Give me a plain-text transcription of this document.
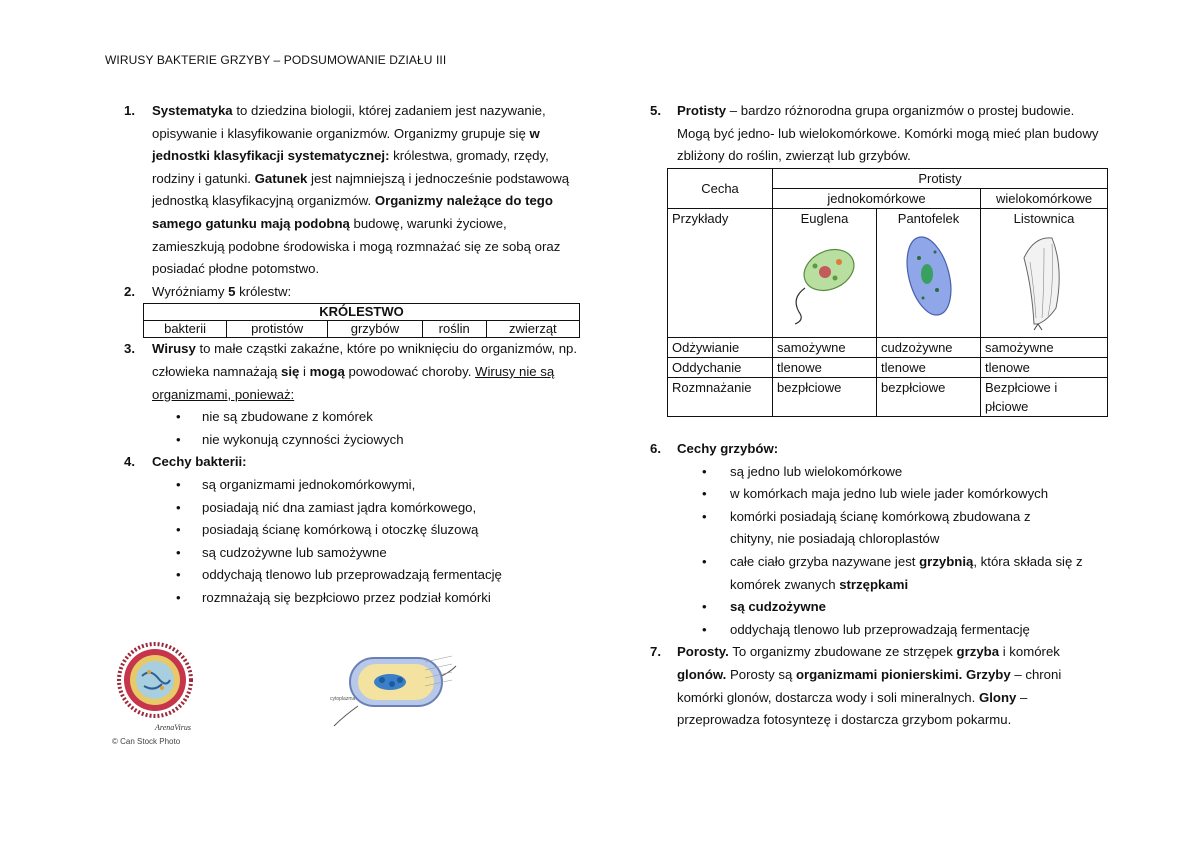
WIRUSY BAKTERIE GRZYBY – PODSUMOWANIE DZIAŁU III
1. Systematyka to dziedzina biologii, której zadaniem jest nazywanie, opisywanie i klasyfikowanie organizmów. Organizmy grupuje się w jednostki klasyfikacji systematycznej: królestwa, gromady, rzędy, rodziny i gatunki. Gatunek jest najmniejszą i jednocześnie podstawową jednostką klasyfikacyjną organizmów. Organizmy należące do tego samego gatunku mają podobną budowę, warunki życiowe, zamieszkują podobne środowiska i mogą rozmnażać się ze sobą oraz posiadać płodne potomstwo.
2. Wyróżniamy 5 królestw:
KRÓLESTWO
bakterii	protistów	grzybów	roślin	zwierząt
3. Wirusy to małe cząstki zakaźne, które po wniknięciu do organizmów, np. człowieka namnażają się i mogą powodować choroby. Wirusy nie są organizmami, ponieważ:
• nie są zbudowane z komórek
• nie wykonują czynności życiowych
4. Cechy bakterii:
• są organizmami jednokomórkowymi,
• posiadają nić dna zamiast jądra komórkowego,
• posiadają ścianę komórkową i otoczkę śluzową
• są cudzożywne lub samożywne
• oddychają tlenowo lub przeprowadzają fermentację
• rozmnażają się bezpłciowo przez podział komórki
ArenaVirus
© Can Stock Photo
cytoplazma
5. Protisty – bardzo różnorodna grupa organizmów o prostej budowie. Mogą być jedno- lub wielokomórkowe. Komórki mogą mieć plan budowy zbliżony do roślin, zwierząt lub grzybów.
Cecha	Protisty		
	jednokomórkowe		wielokomórkowe
Przykłady	Euglena	Pantofelek	Listownica

Odżywianie	samożywne	cudzożywne	samożywne
Oddychanie	tlenowe	tlenowe	tlenowe
Rozmnażanie	bezpłciowe	bezpłciowe	Bezpłciowe i płciowe
6. Cechy grzybów:
• są jedno lub wielokomórkowe
• w komórkach maja jedno lub wiele jader komórkowych
• komórki posiadają ścianę komórkową zbudowana z chityny, nie posiadają chloroplastów
• całe ciało grzyba nazywane jest grzybnią, która składa się z komórek zwanych strzępkami
• są cudzożywne
• oddychają tlenowo lub przeprowadzają fermentację
7. Porosty. To organizmy zbudowane ze strzępek grzyba i komórek glonów. Porosty są organizmami pionierskimi. Grzyby – chroni komórki glonów, dostarcza wody i soli mineralnych. Glony – przeprowadza fotosyntezę i dostarcza grzybom pokarmu.
